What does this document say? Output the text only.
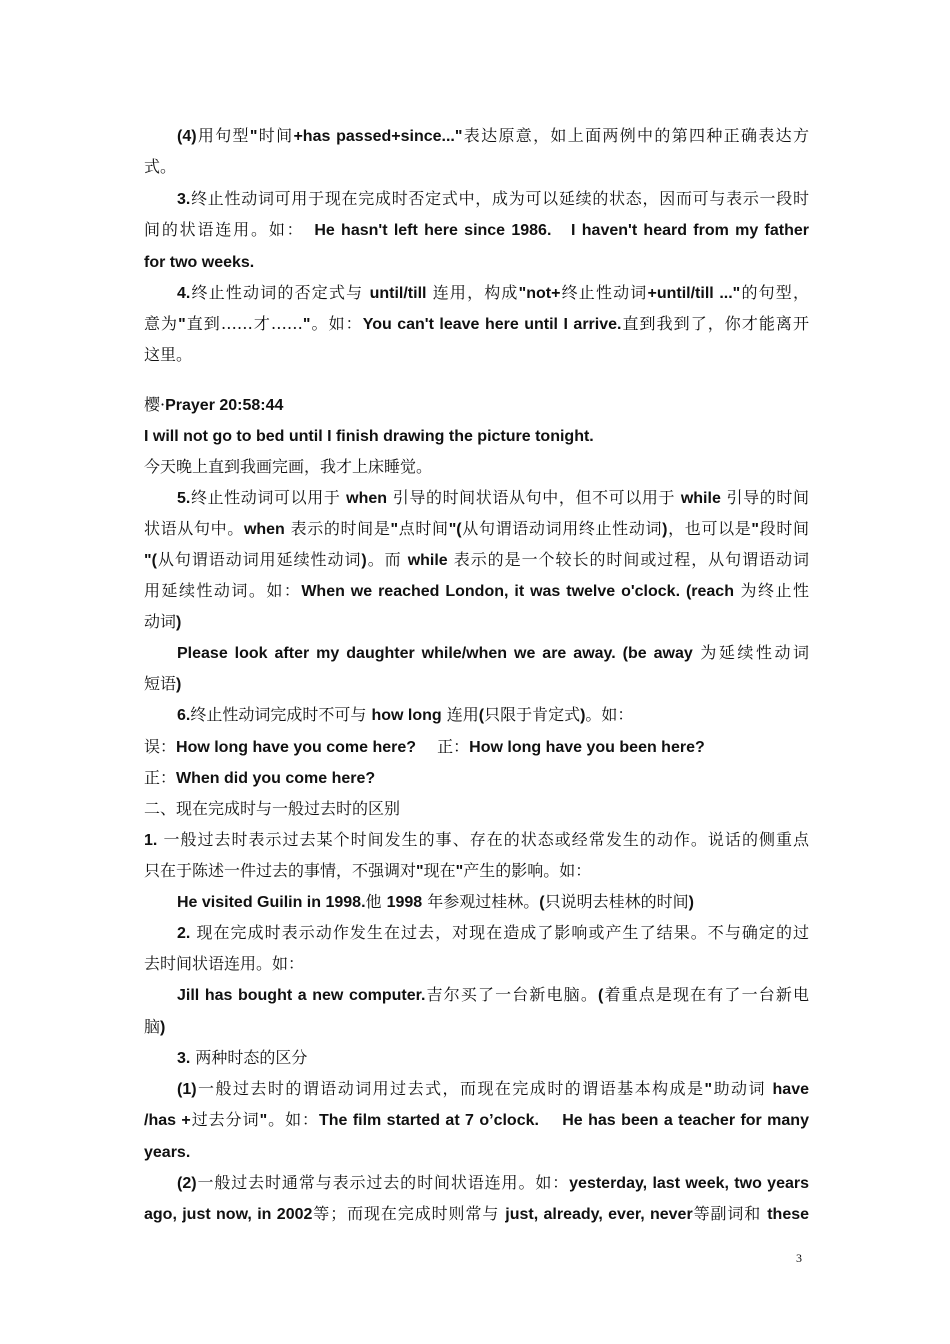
(4)用句型"时间+has passed+since..."表达原意，如上面两例中的第四种正确表达方
式。
3.终止性动词可用于现在完成时否定式中，成为可以延续的状态，因而可与表示一段时
间的状语连用。如：　He hasn't left here since 1986.　I haven't heard from my father
for two weeks.
4.终止性动词的否定式与 until/till 连用，构成"not+终止性动词+until/till ..."的句型，
意为"直到……才……"。如：You can't leave here until I arrive.直到我到了，你才能离开
这里。
樱·Prayer 20:58:44
I will not go to bed until I finish drawing the picture tonight.
今天晚上直到我画完画，我才上床睡觉。
5.终止性动词可以用于 when 引导的时间状语从句中，但不可以用于 while 引导的时间
状语从句中。when 表示的时间是"点时间"(从句谓语动词用终止性动词)，也可以是"段时间
"(从句谓语动词用延续性动词)。而 while 表示的是一个较长的时间或过程，从句谓语动词
用延续性动词。如：When we reached London, it was twelve o'clock. (reach 为终止性
动词)
Please look after my daughter while/when we are away. (be away 为延续性动词
短语)
6.终止性动词完成时不可与 how long 连用(只限于肯定式)。如：
误：How long have you come here?　 正：How long have you been here?
正：When did you come here?
二、现在完成时与一般过去时的区别
1. 一般过去时表示过去某个时间发生的事、存在的状态或经常发生的动作。说话的侧重点
只在于陈述一件过去的事情，不强调对"现在"产生的影响。如：
He visited Guilin in 1998.他 1998 年参观过桂林。(只说明去桂林的时间)
2. 现在完成时表示动作发生在过去，对现在造成了影响或产生了结果。不与确定的过
去时间状语连用。如：
Jill has bought a new computer.吉尔买了一台新电脑。(着重点是现在有了一台新电
脑)
3. 两种时态的区分
(1)一般过去时的谓语动词用过去式，而现在完成时的谓语基本构成是"助动词 have
/has +过去分词"。如：The film started at 7 o’clock.　 He has been a teacher for many
years.
(2)一般过去时通常与表示过去的时间状语连用。如：yesterday, last week, two years
ago, just now, in 2002等；而现在完成时则常与 just, already, ever, never等副词和 these
3
